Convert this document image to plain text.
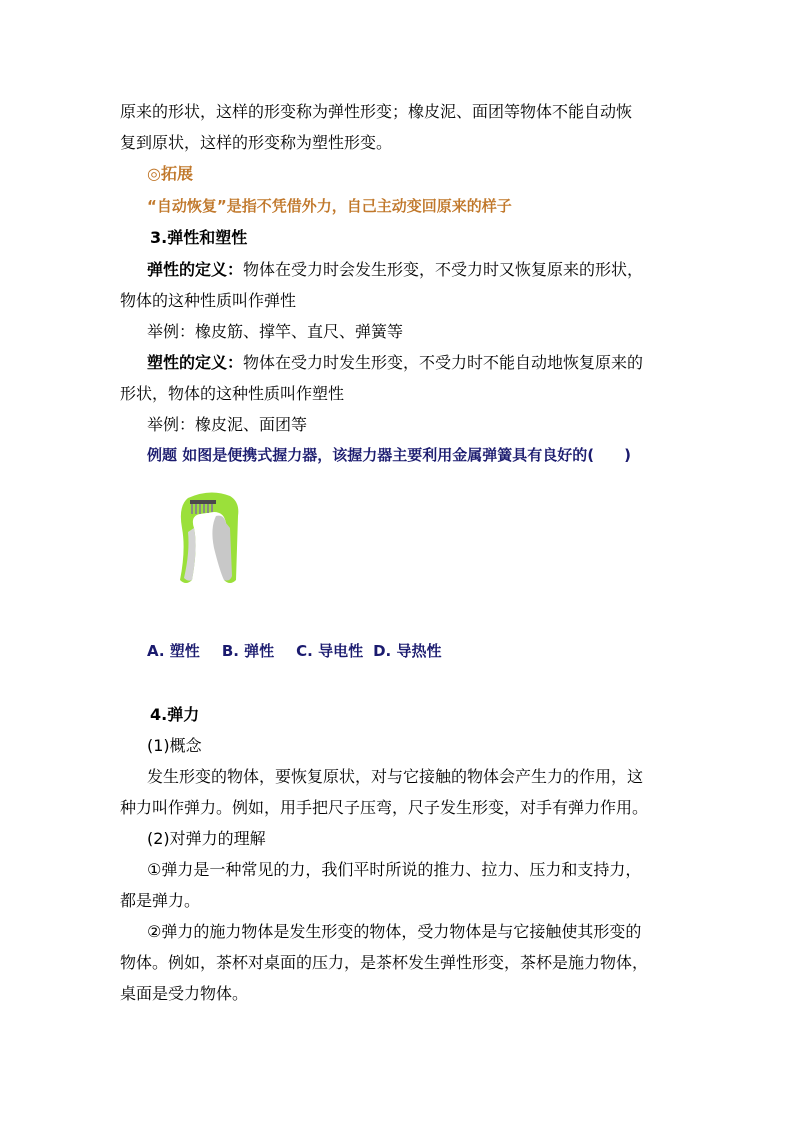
原来的形状，这样的形变称为弹性形变；橡皮泥、面团等物体不能自动恢
复到原状，这样的形变称为塑性形变。
◎拓展
“自动恢复”是指不凭借外力，自己主动变回原来的样子
3.弹性和塑性
弹性的定义：物体在受力时会发生形变，不受力时又恢复原来的形状，
物体的这种性质叫作弹性
举例：橡皮筋、撑竿、直尺、弹簧等
塑性的定义：物体在受力时发生形变，不受力时不能自动地恢复原来的
形状，物体的这种性质叫作塑性
举例：橡皮泥、面团等
例题 如图是便携式握力器，该握力器主要利用金属弹簧具有良好的(　　)
A. 塑性 B. 弹性 C. 导电性 D. 导热性
4.弹力
(1)概念
发生形变的物体，要恢复原状，对与它接触的物体会产生力的作用，这
种力叫作弹力。例如，用手把尺子压弯，尺子发生形变，对手有弹力作用。
(2)对弹力的理解
①弹力是一种常见的力，我们平时所说的推力、拉力、压力和支持力，
都是弹力。
②弹力的施力物体是发生形变的物体，受力物体是与它接触使其形变的
物体。例如，茶杯对桌面的压力，是茶杯发生弹性形变，茶杯是施力物体，
桌面是受力物体。
